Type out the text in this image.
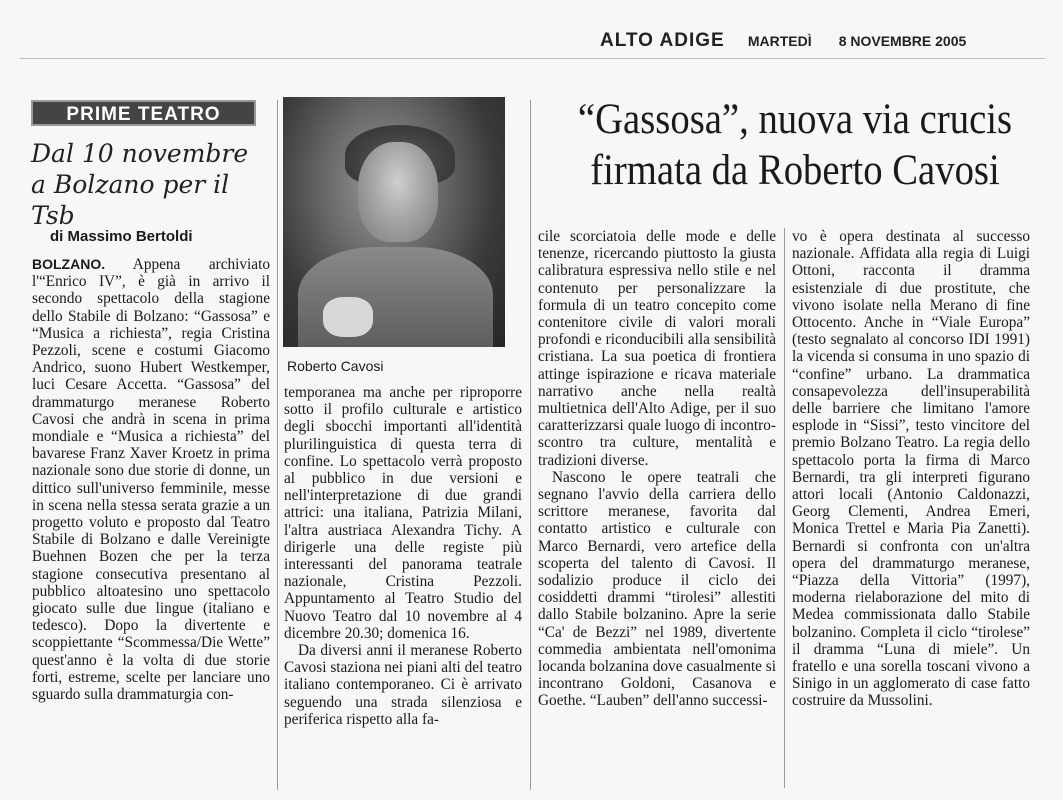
ALTO ADIGE MARTEDÌ 8 NOVEMBRE 2005
PRIME TEATRO
Dal 10 novembre a Bolzano per il Tsb
di Massimo Bertoldi

BOLZANO. Appena archiviato l'“Enrico IV”, è già in arrivo il secondo spettacolo della stagione dello Stabile di Bolzano: “Gassosa” e “Musica a richiesta”, regia Cristina Pezzoli, scene e costumi Giacomo Andrico, suono Hubert Westkemper, luci Cesare Accetta. “Gassosa” del drammaturgo meranese Roberto Cavosi che andrà in scena in prima mondiale e “Musica a richiesta” del bavarese Franz Xaver Kroetz in prima nazionale sono due storie di donne, un dittico sull'universo femminile, messe in scena nella stessa serata grazie a un progetto voluto e proposto dal Teatro Stabile di Bolzano e dalle Vereinigte Buehnen Bozen che per la terza stagione consecutiva presentano al pubblico altoatesino uno spettacolo giocato sulle due lingue (italiano e tedesco). Dopo la divertente e scoppiettante “Scommessa/Die Wette” quest'anno è la volta di due storie forti, estreme, scelte per lanciare uno sguardo sulla drammaturgia con-

Roberto Cavosi

temporanea ma anche per riproporre sotto il profilo culturale e artistico degli sbocchi importanti all'identità plurilinguistica di questa terra di confine. Lo spettacolo verrà proposto al pubblico in due versioni e nell'interpretazione di due grandi attrici: una italiana, Patrizia Milani, l'altra austriaca Alexandra Tichy. A dirigerle una delle registe più interessanti del panorama teatrale nazionale, Cristina Pezzoli. Appuntamento al Teatro Studio del Nuovo Teatro dal 10 novembre al 4 dicembre 20.30; domenica 16.

Da diversi anni il meranese Roberto Cavosi staziona nei piani alti del teatro italiano contemporaneo. Ci è arrivato seguendo una strada silenziosa e periferica rispetto alla fa-

“Gassosa”, nuova via crucis firmata da Roberto Cavosi

cile scorciatoia delle mode e delle tenenze, ricercando piuttosto la giusta calibratura espressiva nello stile e nel contenuto per personalizzare la formula di un teatro concepito come contenitore civile di valori morali profondi e riconducibili alla sensibilità cristiana. La sua poetica di frontiera attinge ispirazione e ricava materiale narrativo anche nella realtà multietnica dell'Alto Adige, per il suo caratterizzarsi quale luogo di incontro-scontro tra culture, mentalità e tradizioni diverse.

Nascono le opere teatrali che segnano l'avvio della carriera dello scrittore meranese, favorita dal contatto artistico e culturale con Marco Bernardi, vero artefice della scoperta del talento di Cavosi. Il sodalizio produce il ciclo dei cosiddetti drammi “tirolesi” allestiti dallo Stabile bolzanino. Apre la serie “Ca' de Bezzi” nel 1989, divertente commedia ambientata nell'omonima locanda bolzanina dove casualmente si incontrano Goldoni, Casanova e Goethe. “Lauben” dell'anno successi-

vo è opera destinata al successo nazionale. Affidata alla regia di Luigi Ottoni, racconta il dramma esistenziale di due prostitute, che vivono isolate nella Merano di fine Ottocento. Anche in “Viale Europa” (testo segnalato al concorso IDI 1991) la vicenda si consuma in uno spazio di “confine” urbano. La drammatica consapevolezza dell'insuperabilità delle barriere che limitano l'amore esplode in “Sissi”, testo vincitore del premio Bolzano Teatro. La regia dello spettacolo porta la firma di Marco Bernardi, tra gli interpreti figurano attori locali (Antonio Caldonazzi, Georg Clementi, Andrea Emeri, Monica Trettel e Maria Pia Zanetti). Bernardi si confronta con un'altra opera del drammaturgo meranese, “Piazza della Vittoria” (1997), moderna rielaborazione del mito di Medea commissionata dallo Stabile bolzanino. Completa il ciclo “tirolese” il dramma “Luna di miele”. Un fratello e una sorella toscani vivono a Sinigo in un agglomerato di case fatto costruire da Mussolini.
